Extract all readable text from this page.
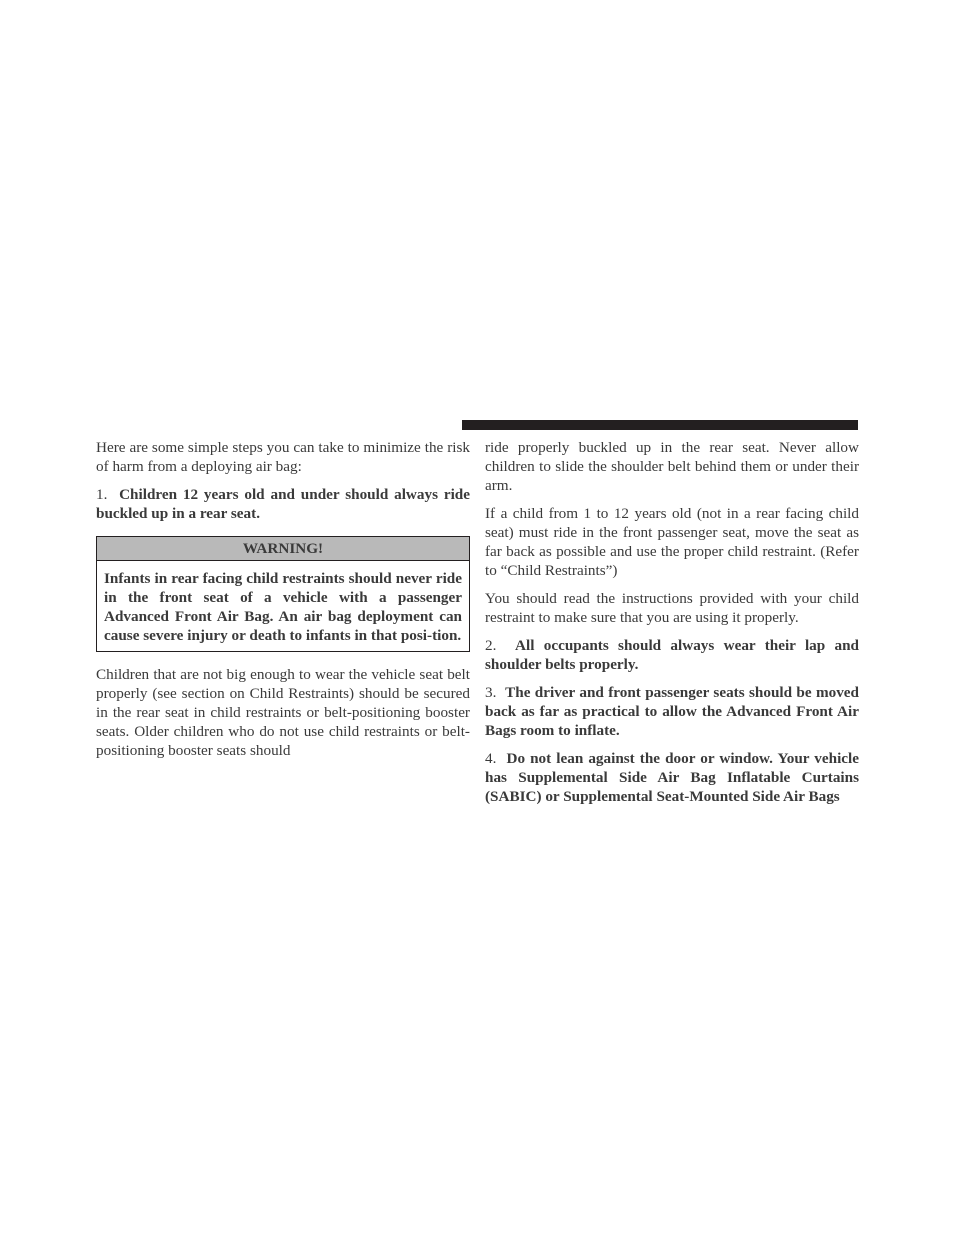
Here are some simple steps you can take to minimize the risk of harm from a deploying air bag:

1. Children 12 years old and under should always ride buckled up in a rear seat.

WARNING!
Infants in rear facing child restraints should never ride in the front seat of a vehicle with a passenger Advanced Front Air Bag. An air bag deployment can cause severe injury or death to infants in that posi-tion.

Children that are not big enough to wear the vehicle seat belt properly (see section on Child Restraints) should be secured in the rear seat in child restraints or belt-positioning booster seats. Older children who do not use child restraints or belt-positioning booster seats should

ride properly buckled up in the rear seat. Never allow children to slide the shoulder belt behind them or under their arm.

If a child from 1 to 12 years old (not in a rear facing child seat) must ride in the front passenger seat, move the seat as far back as possible and use the proper child restraint. (Refer to “Child Restraints”)

You should read the instructions provided with your child restraint to make sure that you are using it properly.

2. All occupants should always wear their lap and shoulder belts properly.

3. The driver and front passenger seats should be moved back as far as practical to allow the Advanced Front Air Bags room to inflate.

4. Do not lean against the door or window. Your vehicle has Supplemental Side Air Bag Inflatable Curtains (SABIC) or Supplemental Seat-Mounted Side Air Bags
